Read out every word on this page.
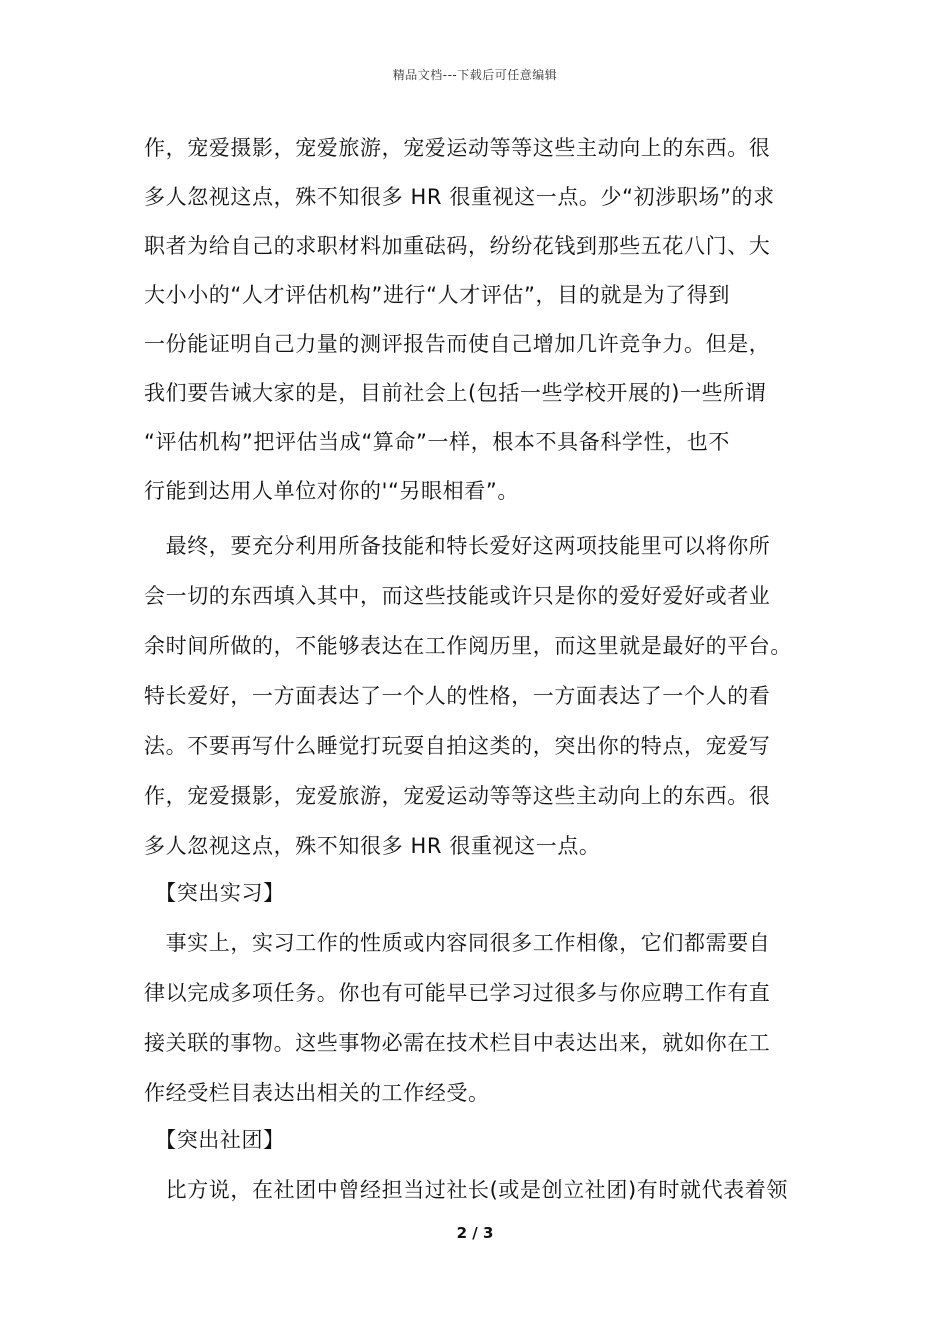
精品文档---下载后可任意编辑
作，宠爱摄影，宠爱旅游，宠爱运动等等这些主动向上的东西。很
多人忽视这点，殊不知很多 HR 很重视这一点。少“初涉职场”的求
职者为给自己的求职材料加重砝码，纷纷花钱到那些五花八门、大
大小小的“人才评估机构”进行“人才评估”，目的就是为了得到
一份能证明自己力量的测评报告而使自己增加几许竞争力。但是，
我们要告诫大家的是，目前社会上(包括一些学校开展的)一些所谓
“评估机构”把评估当成“算命”一样，根本不具备科学性，也不
行能到达用人单位对你的'“另眼相看”。
　最终，要充分利用所备技能和特长爱好这两项技能里可以将你所
会一切的东西填入其中，而这些技能或许只是你的爱好爱好或者业
余时间所做的，不能够表达在工作阅历里，而这里就是最好的平台。
特长爱好，一方面表达了一个人的性格，一方面表达了一个人的看
法。不要再写什么睡觉打玩耍自拍这类的，突出你的特点，宠爱写
作，宠爱摄影，宠爱旅游，宠爱运动等等这些主动向上的东西。很
多人忽视这点，殊不知很多 HR 很重视这一点。
　【突出实习】
　事实上，实习工作的性质或内容同很多工作相像，它们都需要自
律以完成多项任务。你也有可能早已学习过很多与你应聘工作有直
接关联的事物。这些事物必需在技术栏目中表达出来，就如你在工
作经受栏目表达出相关的工作经受。
　【突出社团】
　比方说，在社团中曾经担当过社长(或是创立社团)有时就代表着领
2 / 3
